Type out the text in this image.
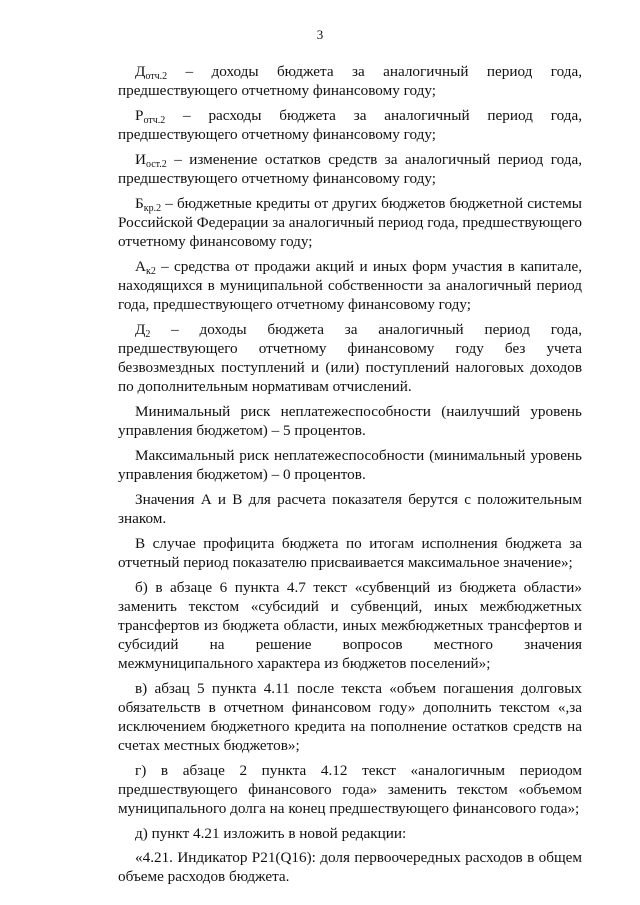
3

$Д_{отч.2}$ – доходы бюджета за аналогичный период года, предшествующего отчетному финансовому году;

$Р_{отч.2}$ – расходы бюджета за аналогичный период года, предшествующего отчетному финансовому году;

$И_{ост.2}$ – изменение остатков средств за аналогичный период года, предшествующего отчетному финансовому году;

$Б_{кр.2}$ – бюджетные кредиты от других бюджетов бюджетной системы Российской Федерации за аналогичный период года, предшествующего отчетному финансовому году;

$А_{к2}$ – средства от продажи акций и иных форм участия в капитале, находящихся в муниципальной собственности за аналогичный период года, предшествующего отчетному финансовому году;

$Д_2$ – доходы бюджета за аналогичный период года, предшествующего отчетному финансовому году без учета безвозмездных поступлений и (или) поступлений налоговых доходов по дополнительным нормативам отчислений.

Минимальный риск неплатежеспособности (наилучший уровень управления бюджетом) – 5 процентов.

Максимальный риск неплатежеспособности (минимальный уровень управления бюджетом) – 0 процентов.

Значения А и В для расчета показателя берутся с положительным знаком.

В случае профицита бюджета по итогам исполнения бюджета за отчетный период показателю присваивается максимальное значение»;

б) в абзаце 6 пункта 4.7 текст «субвенций из бюджета области» заменить текстом «субсидий и субвенций, иных межбюджетных трансфертов из бюджета области, иных межбюджетных трансфертов и субсидий на решение вопросов местного значения межмуниципального характера из бюджетов поселений»;

в) абзац 5 пункта 4.11 после текста «объем погашения долговых обязательств в отчетном финансовом году» дополнить текстом «,за исключением бюджетного кредита на пополнение остатков средств на счетах местных бюджетов»;

г) в абзаце 2 пункта 4.12 текст «аналогичным периодом предшествующего финансового года» заменить текстом «объемом муниципального долга на конец предшествующего финансового года»;

д) пункт 4.21 изложить в новой редакции:

«4.21. Индикатор Р21(Q16): доля первоочередных расходов в общем объеме расходов бюджета.
